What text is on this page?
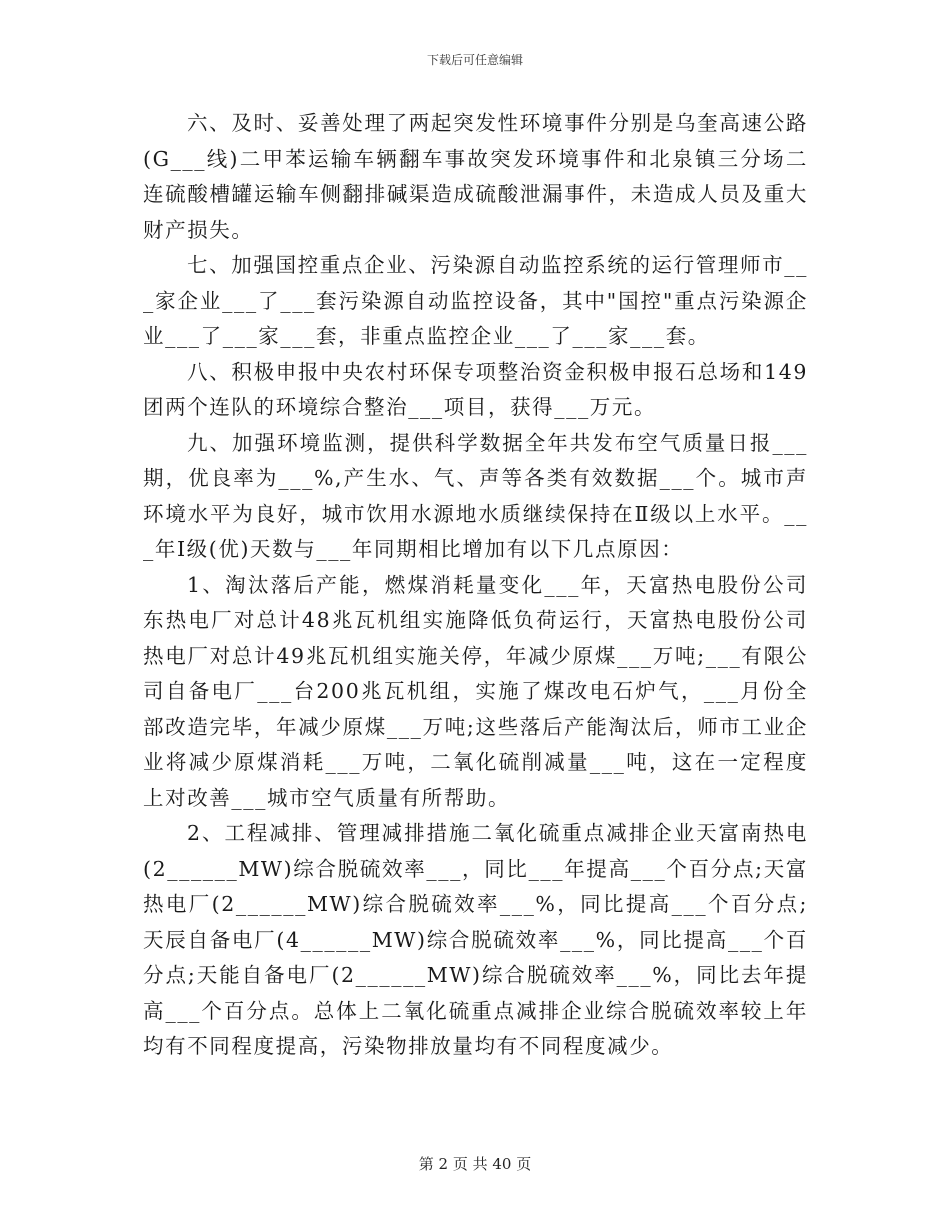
下载后可任意编辑

六、及时、妥善处理了两起突发性环境事件分别是乌奎高速公路(G___线)二甲苯运输车辆翻车事故突发环境事件和北泉镇三分场二连硫酸槽罐运输车侧翻排碱渠造成硫酸泄漏事件，未造成人员及重大财产损失。

七、加强国控重点企业、污染源自动监控系统的运行管理师市___家企业___了___套污染源自动监控设备，其中"国控"重点污染源企业___了___家___套，非重点监控企业___了___家___套。

八、积极申报中央农村环保专项整治资金积极申报石总场和149团两个连队的环境综合整治___项目，获得___万元。

九、加强环境监测，提供科学数据全年共发布空气质量日报___期，优良率为___%,产生水、气、声等各类有效数据___个。城市声环境水平为良好，城市饮用水源地水质继续保持在Ⅱ级以上水平。___年Ⅰ级(优)天数与___年同期相比增加有以下几点原因：

1、淘汰落后产能，燃煤消耗量变化___年，天富热电股份公司东热电厂对总计48兆瓦机组实施降低负荷运行，天富热电股份公司热电厂对总计49兆瓦机组实施关停，年减少原煤___万吨;___有限公司自备电厂___台200兆瓦机组，实施了煤改电石炉气，___月份全部改造完毕，年减少原煤___万吨;这些落后产能淘汰后，师市工业企业将减少原煤消耗___万吨，二氧化硫削减量___吨，这在一定程度上对改善___城市空气质量有所帮助。

2、工程减排、管理减排措施二氧化硫重点减排企业天富南热电(2______MW)综合脱硫效率___，同比___年提高___个百分点;天富热电厂(2______MW)综合脱硫效率___%，同比提高___个百分点;天辰自备电厂(4______MW)综合脱硫效率___%，同比提高___个百分点;天能自备电厂(2______MW)综合脱硫效率___%，同比去年提高___个百分点。总体上二氧化硫重点减排企业综合脱硫效率较上年均有不同程度提高，污染物排放量均有不同程度减少。

第 2 页 共 40 页
